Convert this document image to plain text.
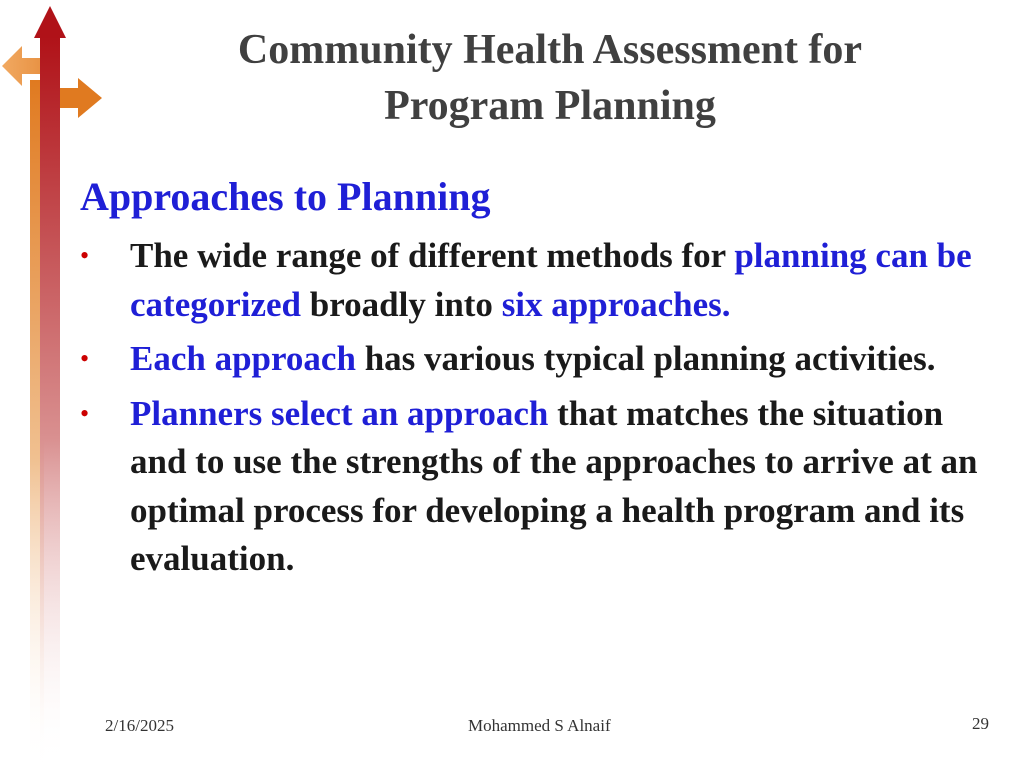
Community Health Assessment for
Program Planning
Approaches to Planning
• The wide range of different methods for planning can be categorized broadly into six approaches.
• Each approach has various typical planning activities.
• Planners select an approach that matches the situation and to use the strengths of the approaches to arrive at an optimal process for developing a health program and its evaluation.
2/16/2025	Mohammed S Alnaif	29
